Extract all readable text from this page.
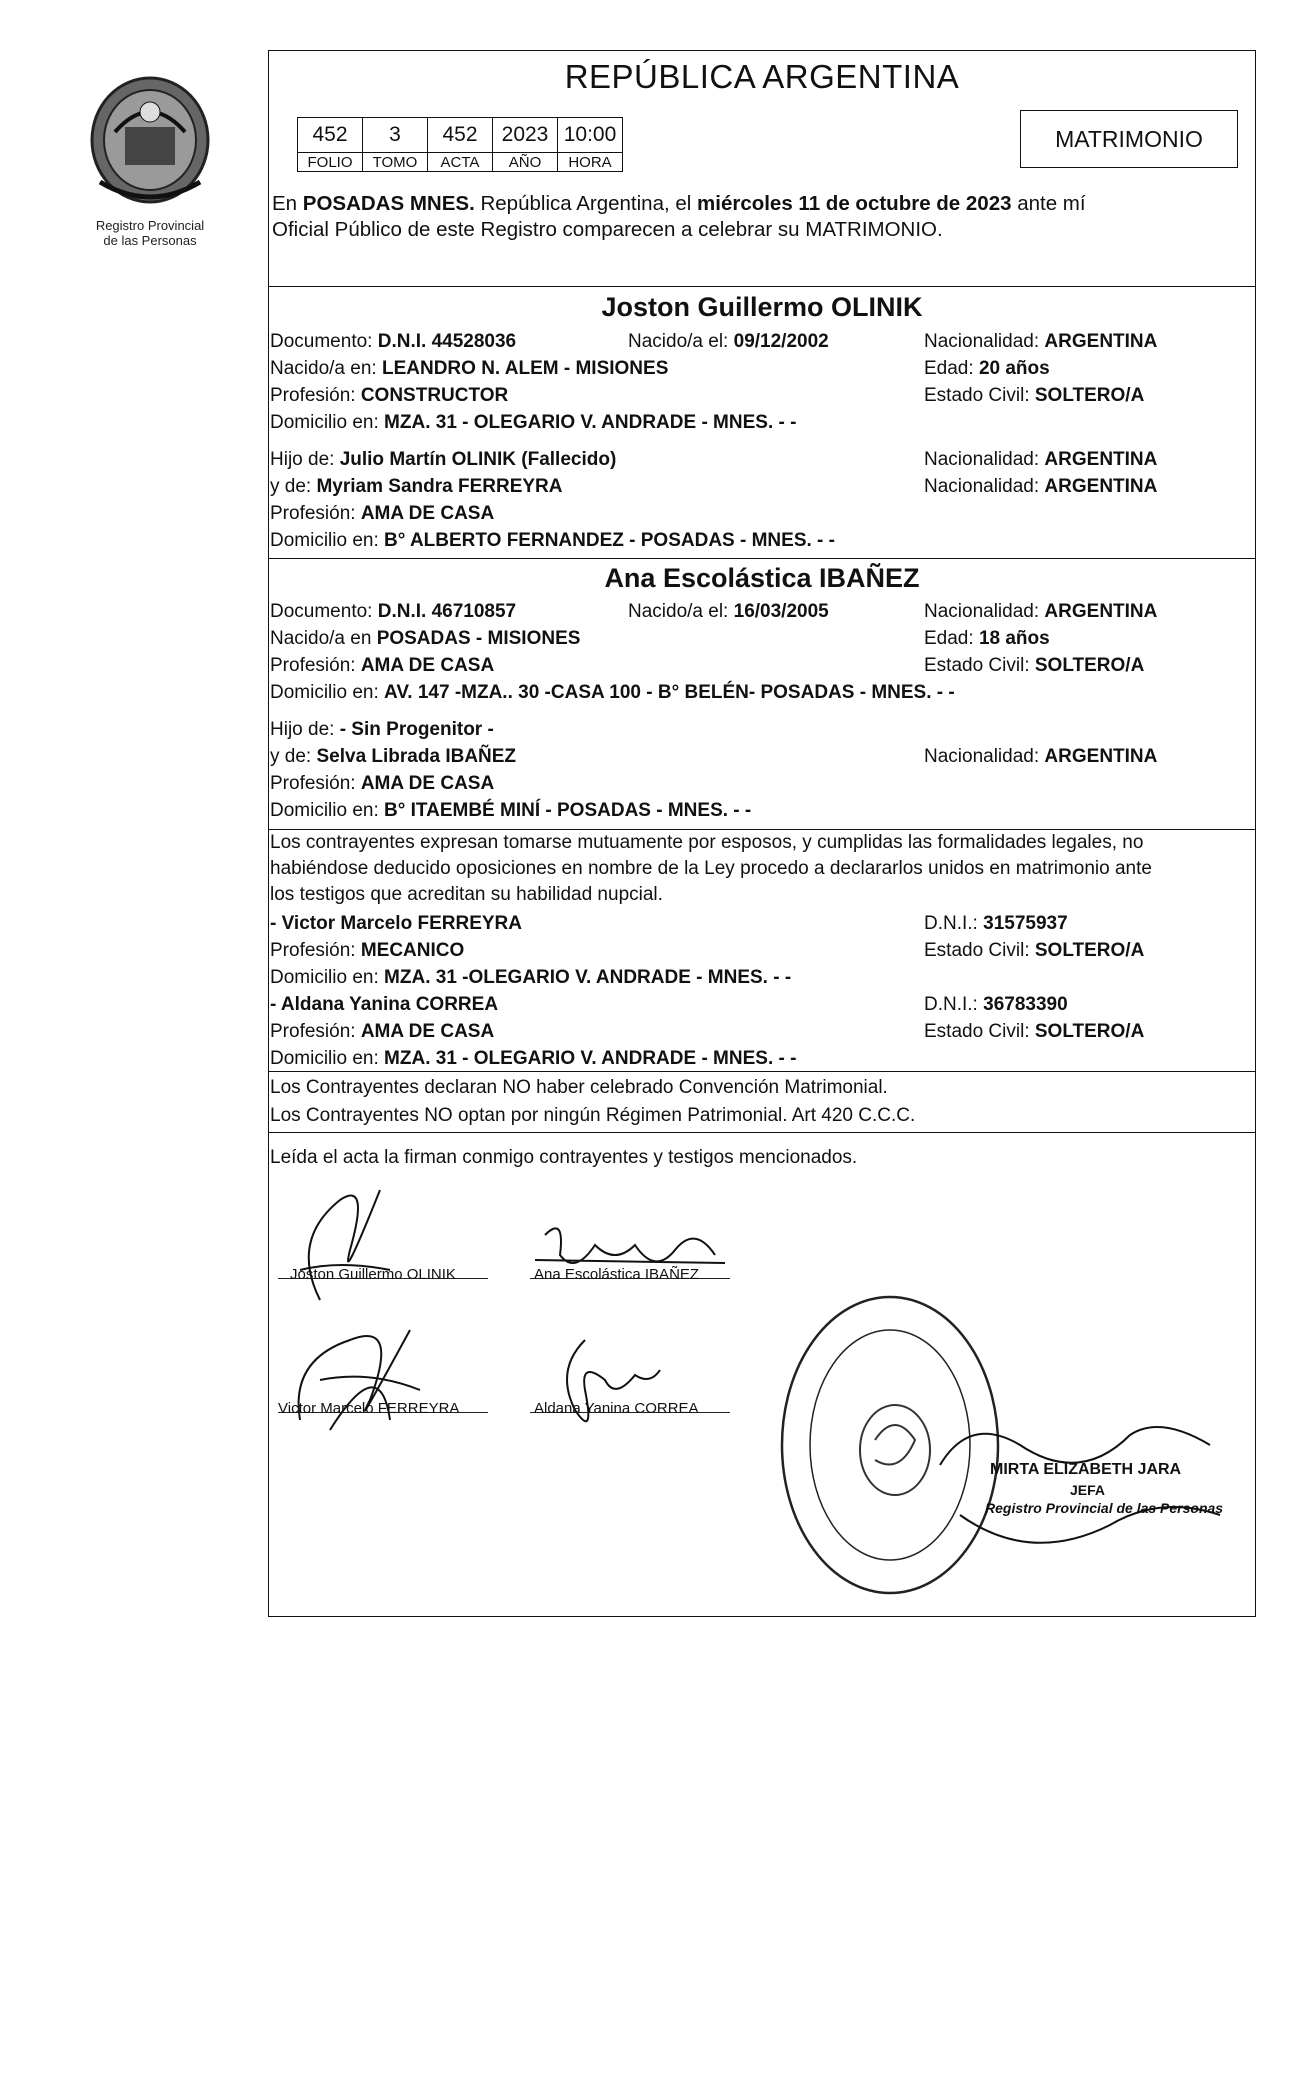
Registro Provincial
de las Personas
REPÚBLICA ARGENTINA
452	3	452	2023	10:00
FOLIO	TOMO	ACTA	AÑO	HORA
MATRIMONIO
En POSADAS MNES. República Argentina, el miércoles 11 de octubre de 2023 ante mí
Oficial Público de este Registro comparecen a celebrar su MATRIMONIO.
Joston Guillermo OLINIK
Documento: D.N.I. 44528036	Nacido/a el: 09/12/2002	Nacionalidad: ARGENTINA
Nacido/a en: LEANDRO N. ALEM - MISIONES	Edad: 20 años
Profesión: CONSTRUCTOR	Estado Civil: SOLTERO/A
Domicilio en: MZA. 31 - OLEGARIO V. ANDRADE - MNES. - -
Hijo de: Julio Martín OLINIK (Fallecido)	Nacionalidad: ARGENTINA
y de: Myriam Sandra FERREYRA	Nacionalidad: ARGENTINA
Profesión: AMA DE CASA
Domicilio en: B° ALBERTO FERNANDEZ - POSADAS - MNES. - -
Ana Escolástica IBAÑEZ
Documento: D.N.I. 46710857	Nacido/a el: 16/03/2005	Nacionalidad: ARGENTINA
Nacido/a en POSADAS - MISIONES	Edad: 18 años
Profesión: AMA DE CASA	Estado Civil: SOLTERO/A
Domicilio en: AV. 147 -MZA.. 30 -CASA 100 - B° BELÉN- POSADAS - MNES. - -
Hijo de: - Sin Progenitor -
y de: Selva Librada IBAÑEZ	Nacionalidad: ARGENTINA
Profesión: AMA DE CASA
Domicilio en: B° ITAEMBÉ MINÍ - POSADAS - MNES. - -
Los contrayentes expresan tomarse mutuamente por esposos, y cumplidas las formalidades legales, no
habiéndose deducido oposiciones en nombre de la Ley procedo a declararlos unidos en matrimonio ante
los testigos que acreditan su habilidad nupcial.
- Victor Marcelo FERREYRA	D.N.I.: 31575937
Profesión: MECANICO	Estado Civil: SOLTERO/A
Domicilio en: MZA. 31 -OLEGARIO V. ANDRADE - MNES. - -
- Aldana Yanina CORREA	D.N.I.: 36783390
Profesión: AMA DE CASA	Estado Civil: SOLTERO/A
Domicilio en: MZA. 31 - OLEGARIO V. ANDRADE - MNES. - -
Los Contrayentes declaran NO haber celebrado Convención Matrimonial.
Los Contrayentes NO optan por ningún Régimen Patrimonial. Art 420 C.C.C.
Leída el acta la firman conmigo contrayentes y testigos mencionados.
Joston Guillermo OLINIK	Ana Escolástica IBAÑEZ
Victor Marcelo FERREYRA	Aldana Yanina CORREA
MIRTA ELIZABETH JARA
JEFA
Registro Provincial de las Personas
